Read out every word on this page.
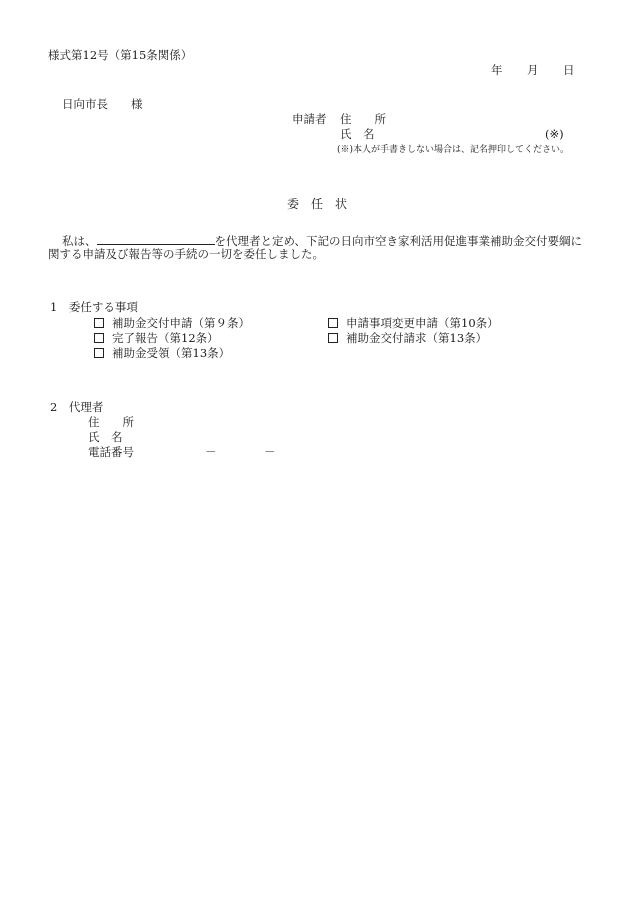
様式第12号（第15条関係）
年 月 日
日向市長　　様
申請者 住　　所
氏　名	(※)
(※)本人が手書きしない場合は、記名押印してください。
委　任　状
私は、	を代理者と定め、下記の日向市空き家利活用促進事業補助金交付要綱に
関する申請及び報告等の手続の一切を委任しました。
1　委任する事項
補助金交付申請（第９条）	申請事項変更申請（第10条）
完了報告（第12条）	補助金交付請求（第13条）
補助金受領（第13条）
2　代理者
住　　所
氏　名
電話番号	－	－
